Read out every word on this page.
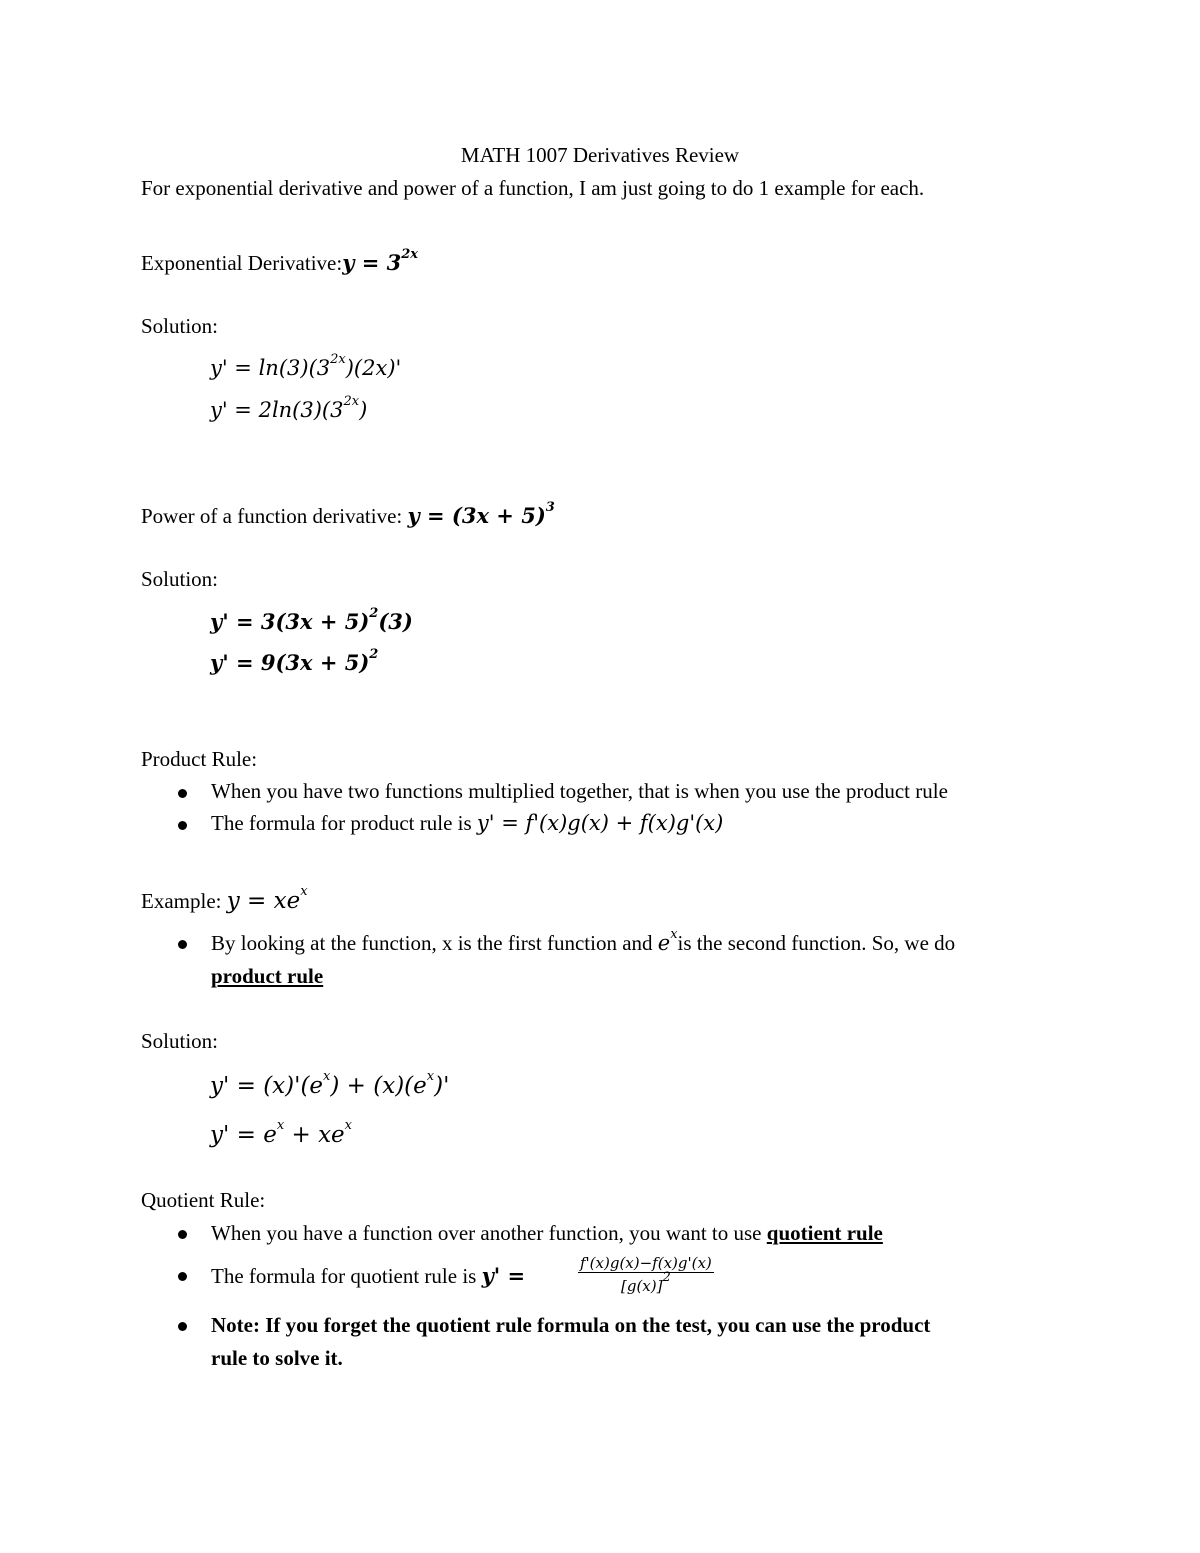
MATH 1007 Derivatives Review
For exponential derivative and power of a function, I am just going to do 1 example for each.
Exponential Derivative:y = $3^{2x}$
Solution:
$y' = \ln(3)(3^{2x})(2x)'$
$y' = 2\ln(3)(3^{2x})$
Power of a function derivative: $y = (3x + 5)^3$
Solution:
$y' = 3(3x + 5)^2(3)$
$y' = 9(3x + 5)^2$
Product Rule:
When you have two functions multiplied together, that is when you use the product rule
The formula for product rule is y' = f'(x)g(x) + f(x)g'(x)
Example: $y = xe^x$
By looking at the function, x is the first function and $e^xis$ the second function. So, we do
product rule
Solution:
$y' = (x)'(e^x) + (x)(e^x)'$
$y' = e^x + xe^x$
Quotient Rule:
When you have a function over another function, you want to use quotient rule
The formula for quotient rule is y' =	$\frac{f'(x)g(x)-f(x)g'(x)}{[g(x)]^2}$
Note: If you forget the quotient rule formula on the test, you can use the product
rule to solve it.
